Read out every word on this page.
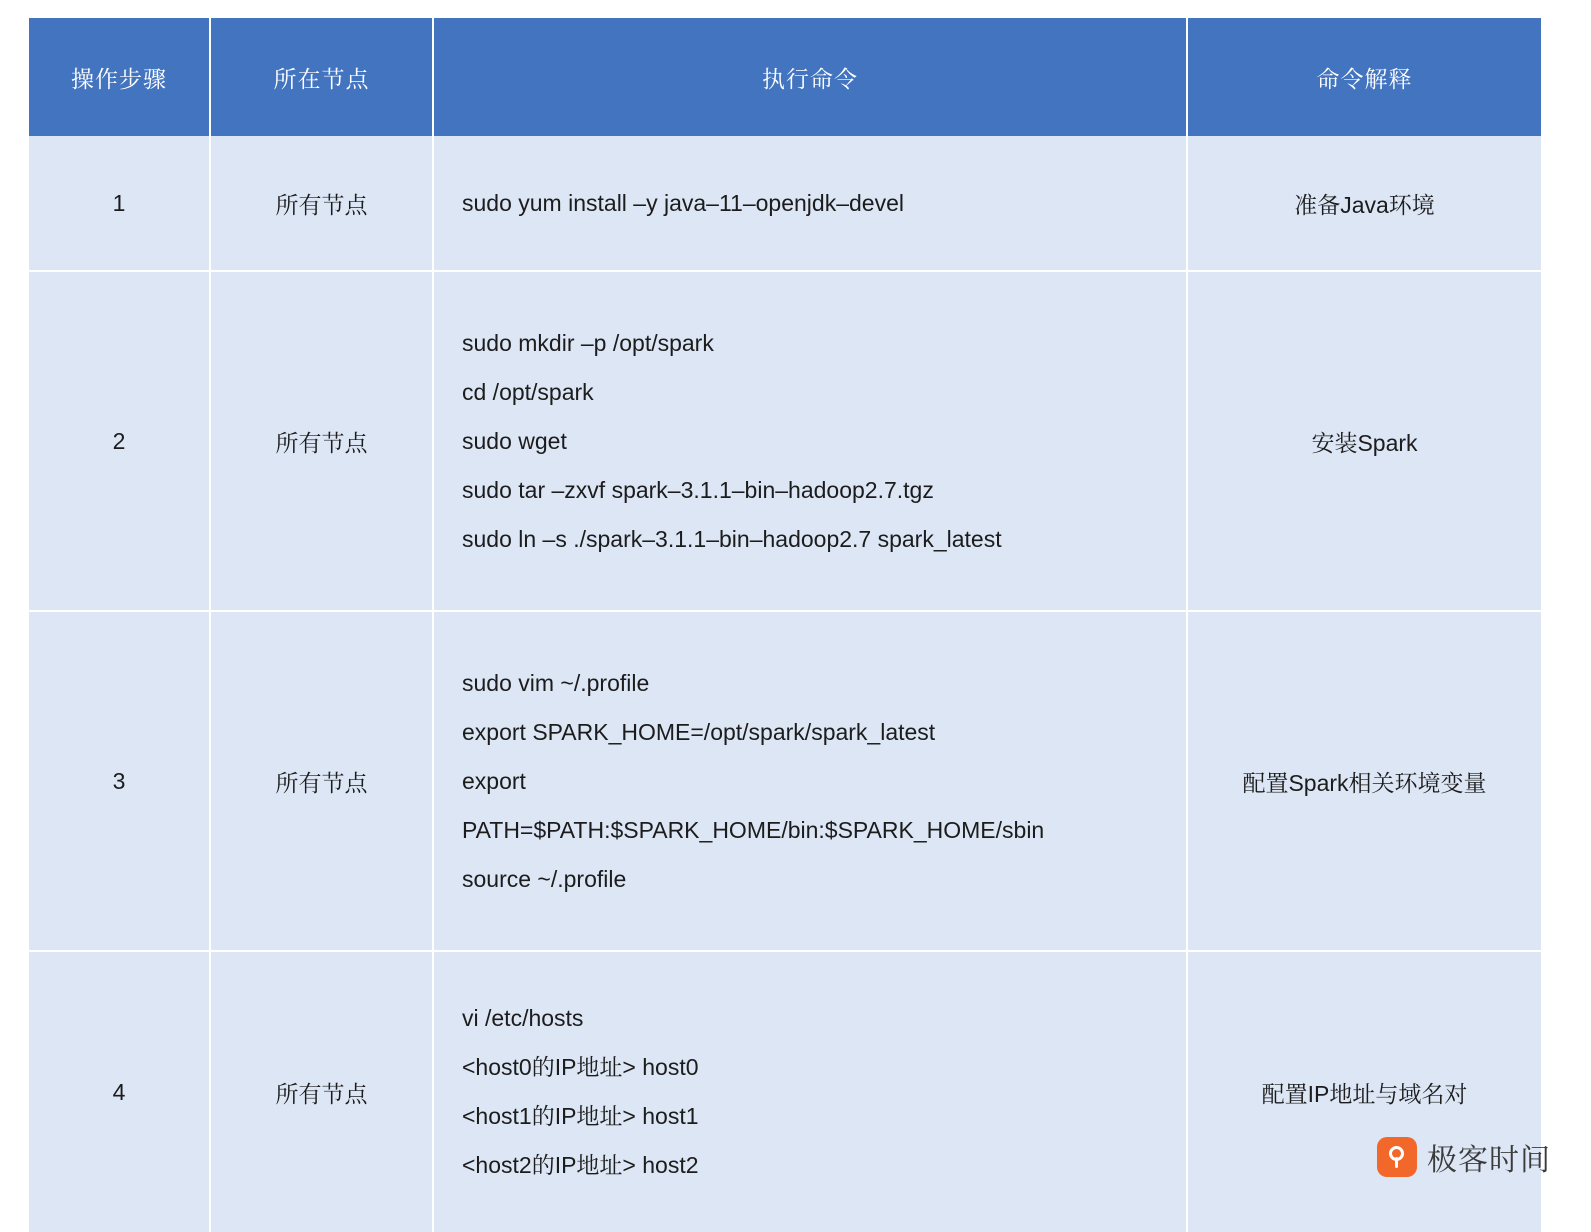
操作步骤	所在节点	执行命令	命令解释
1	所有节点	sudo yum install –y java–11–openjdk–devel	准备Java环境
2	所有节点	sudo mkdir –p /opt/spark
cd /opt/spark
sudo wget
sudo tar –zxvf spark–3.1.1–bin–hadoop2.7.tgz
sudo ln –s ./spark–3.1.1–bin–hadoop2.7 spark_latest	安装Spark
3	所有节点	sudo vim ~/.profile
export SPARK_HOME=/opt/spark/spark_latest
export
PATH=$PATH:$SPARK_HOME/bin:$SPARK_HOME/sbin
source ~/.profile	配置Spark相关环境变量
4	所有节点	vi /etc/hosts
<host0的IP地址> host0
<host1的IP地址> host1
<host2的IP地址> host2	配置IP地址与域名对
极客时间
